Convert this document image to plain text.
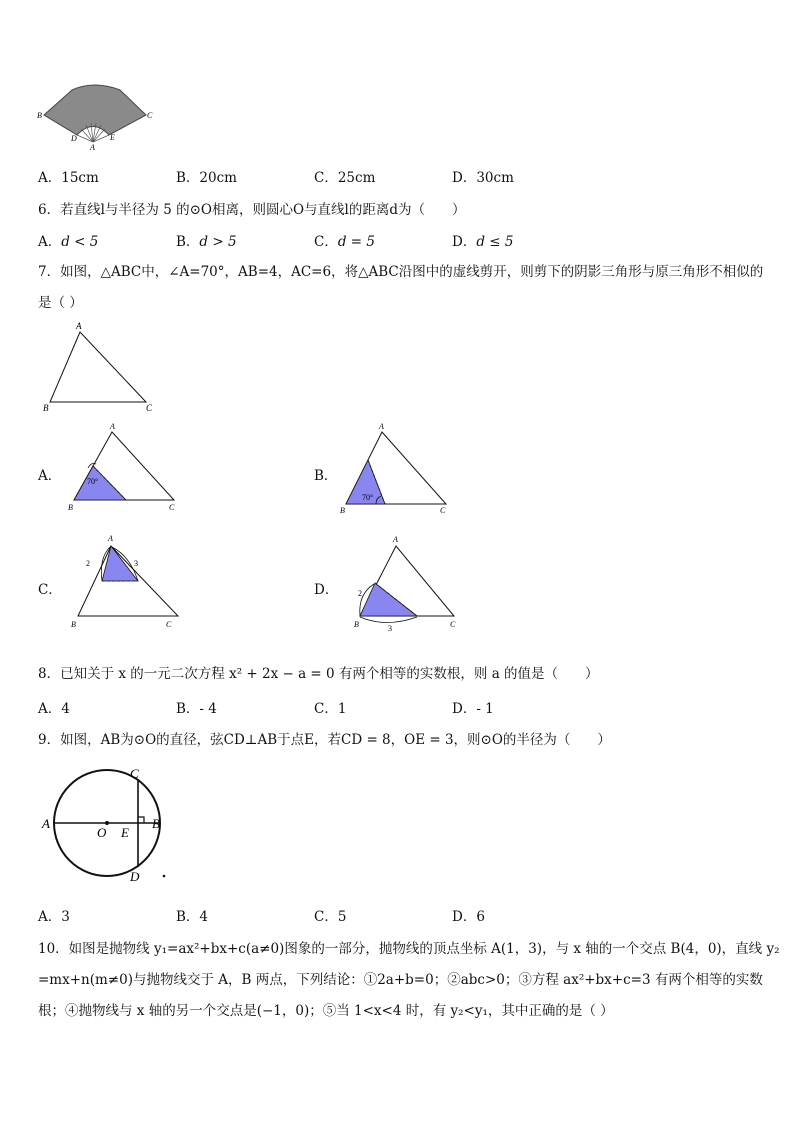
B	C
D	E
A
A．15cm	B．20cm	C．25cm	D．30cm
6．若直线l与半径为 5 的⊙O相离，则圆心O与直线l的距离d为（　　）
A．d < 5	B．d > 5	C．d = 5	D．d ≤ 5
7．如图，△ABC中，∠A=70°，AB=4，AC=6，将△ABC沿图中的虚线剪开，则剪下的阴影三角形与原三角形不相似的
是（ ）
A
B	C
A．	70°
A
B	C
B．
70°
A
B	C
C．
2	3
A
B	C
D． 2
3
A
B	C
8．已知关于 x 的一元二次方程 x² + 2x − a = 0 有两个相等的实数根，则 a 的值是（　　）
A．4	B．- 4	C．1	D．- 1
9．如图，AB为⊙O的直径，弦CD⊥AB于点E，若CD = 8，OE = 3，则⊙O的半径为（　　）
A	B
C
D
O E
A．3	B．4	C．5	D．6
10．如图是抛物线 y₁=ax²+bx+c(a≠0)图象的一部分，抛物线的顶点坐标 A(1，3)，与 x 轴的一个交点 B(4，0)，直线 y₂
=mx+n(m≠0)与抛物线交于 A，B 两点，下列结论：①2a+b=0；②abc>0；③方程 ax²+bx+c=3 有两个相等的实数
根；④抛物线与 x 轴的另一个交点是(−1，0)；⑤当 1<x<4 时，有 y₂<y₁，其中正确的是（ ）
